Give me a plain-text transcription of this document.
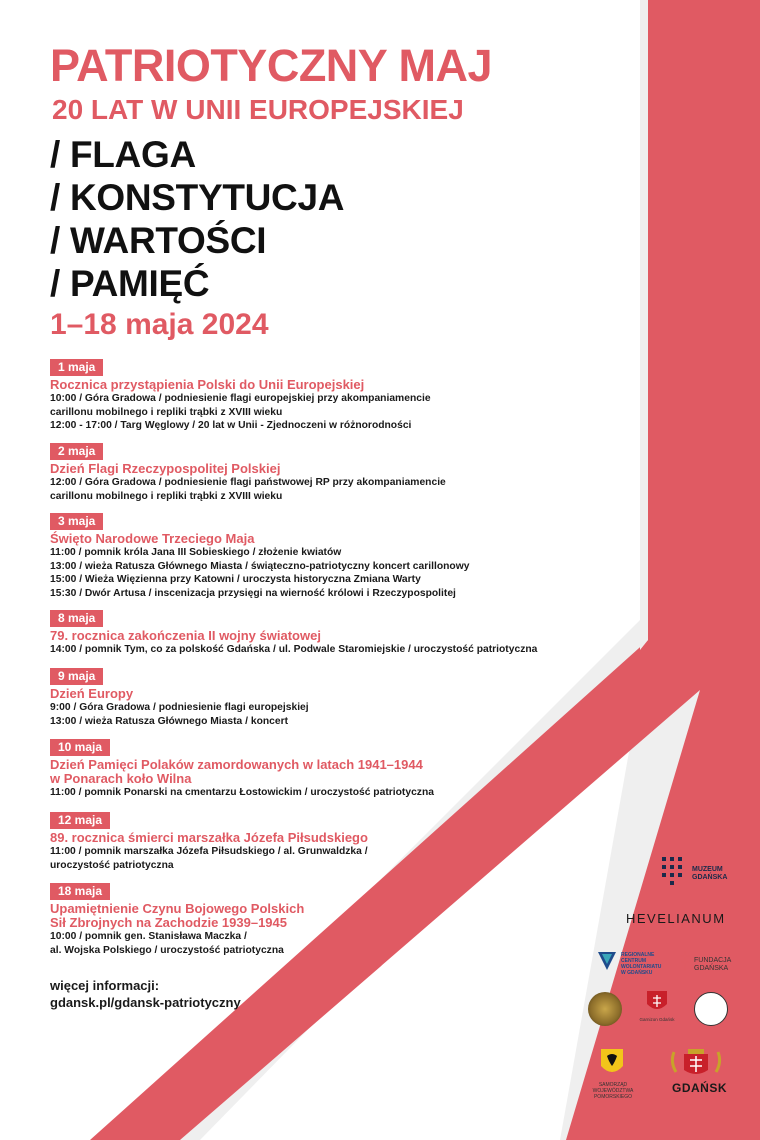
PATRIOTYCZNY MAJ
20 LAT W UNII EUROPEJSKIEJ
/ FLAGA
/ KONSTYTUCJA
/ WARTOŚCI
/ PAMIĘĆ
1–18 maja 2024
1 maja
Rocznica przystąpienia Polski do Unii Europejskiej
10:00 / Góra Gradowa / podniesienie flagi europejskiej przy akompaniamencie
carillonu mobilnego i repliki trąbki z XVIII wieku
12:00 - 17:00 / Targ Węglowy / 20 lat w Unii - Zjednoczeni w różnorodności
2 maja
Dzień Flagi Rzeczypospolitej Polskiej
12:00 / Góra Gradowa / podniesienie flagi państwowej RP przy akompaniamencie
carillonu mobilnego i repliki trąbki z XVIII wieku
3 maja
Święto Narodowe Trzeciego Maja
11:00 / pomnik króla Jana III Sobieskiego / złożenie kwiatów
13:00 / wieża Ratusza Głównego Miasta / świąteczno-patriotyczny koncert carillonowy
15:00 / Wieża Więzienna przy Katowni / uroczysta historyczna Zmiana Warty
15:30 / Dwór Artusa / inscenizacja przysięgi na wierność królowi i Rzeczypospolitej
8 maja
79. rocznica zakończenia II wojny światowej
14:00 / pomnik Tym, co za polskość Gdańska / ul. Podwale Staromiejskie / uroczystość patriotyczna
9 maja
Dzień Europy
9:00 / Góra Gradowa / podniesienie flagi europejskiej
13:00 / wieża Ratusza Głównego Miasta / koncert
10 maja
Dzień Pamięci Polaków zamordowanych w latach 1941–1944
w Ponarach koło Wilna
11:00 / pomnik Ponarski na cmentarzu Łostowickim / uroczystość patriotyczna
12 maja
89. rocznica śmierci marszałka Józefa Piłsudskiego
11:00 / pomnik marszałka Józefa Piłsudskiego / al. Grunwaldzka /
uroczystość patriotyczna
18 maja
Upamiętnienie Czynu Bojowego Polskich
Sił Zbrojnych na Zachodzie 1939–1945
10:00 / pomnik gen. Stanisława Maczka /
al. Wojska Polskiego / uroczystość patriotyczna
więcej informacji:
gdansk.pl/gdansk-patriotyczny
MUZEUM
GDAŃSKA
HEVELIANUM
REGIONALNE
CENTRUM
WOLONTARIATU
W GDAŃSKU
FUNDACJA
GDAŃSKA
Garnizon Gdańsk
SAMORZĄD
WOJEWÓDZTWA POMORSKIEGO
GDAŃSK
